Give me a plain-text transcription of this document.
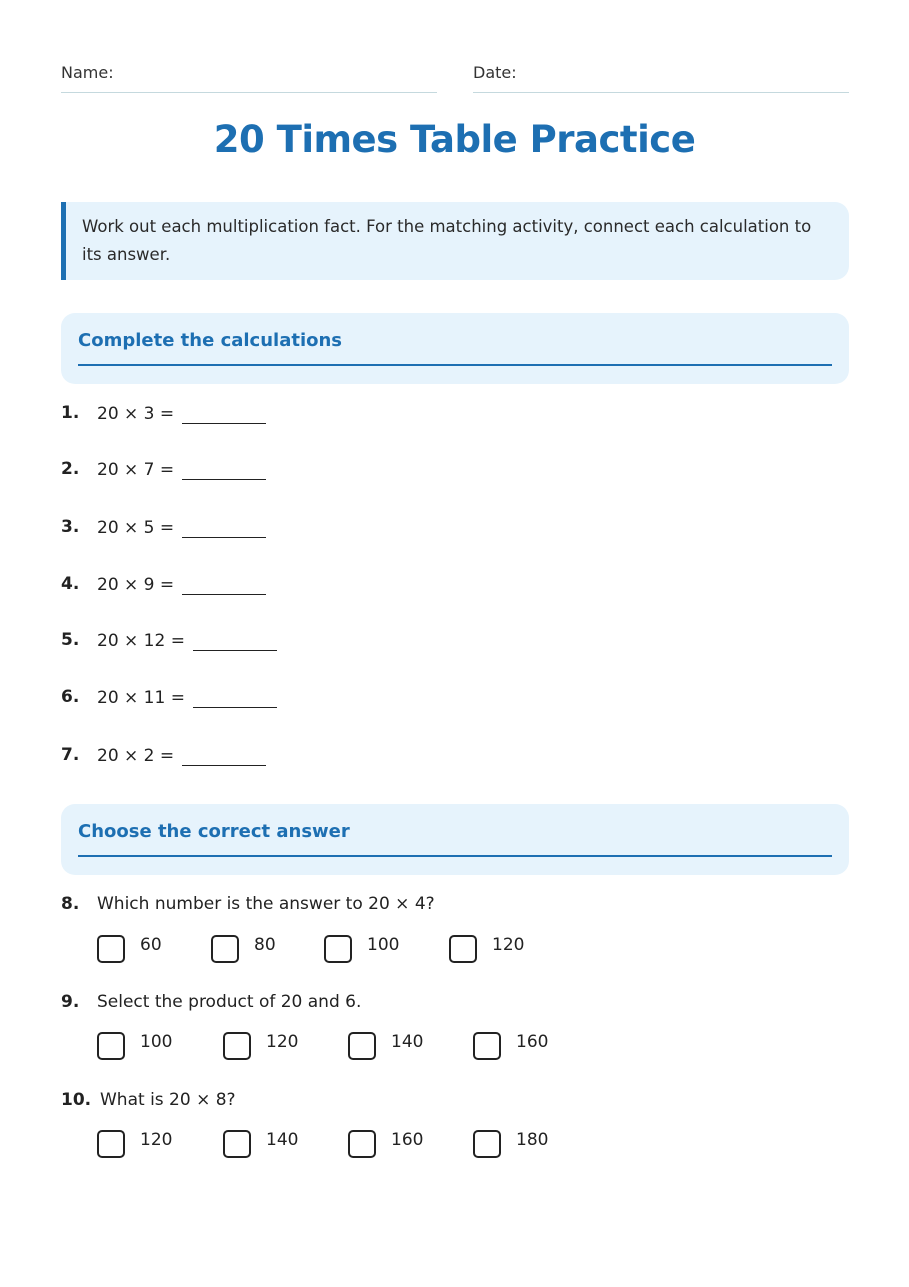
Name:	Date:
20 Times Table Practice
Work out each multiplication fact. For the matching activity, connect each calculation to its answer.
Complete the calculations
1. 20 × 3 =
2. 20 × 7 =
3. 20 × 5 =
4. 20 × 9 =
5. 20 × 12 =
6. 20 × 11 =
7. 20 × 2 =
Choose the correct answer
8. Which number is the answer to 20 × 4?
60	80	100	120
9. Select the product of 20 and 6.
100	120	140	160
10. What is 20 × 8?
120	140	160	180
